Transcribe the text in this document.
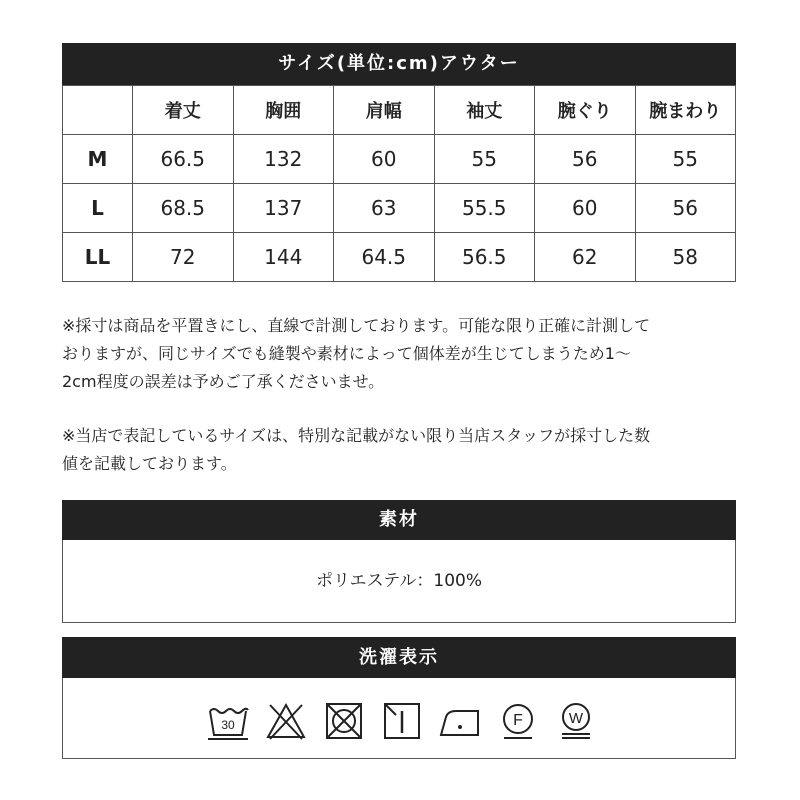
サイズ(単位:cm)アウター
	着丈	胸囲	肩幅	袖丈	腕ぐり	腕まわり
M	66.5	132	60	55	56	55
L	68.5	137	63	55.5	60	56
LL	72	144	64.5	56.5	62	58

※採寸は商品を平置きにし、直線で計測しております。可能な限り正確に計測して
おりますが、同じサイズでも縫製や素材によって個体差が生じてしまうため1〜
2cm程度の誤差は予めご了承くださいませ。

※当店で表記しているサイズは、特別な記載がない限り当店スタッフが採寸した数
値を記載しております。

素材
ポリエステル：100%
洗濯表示
30	F	W
